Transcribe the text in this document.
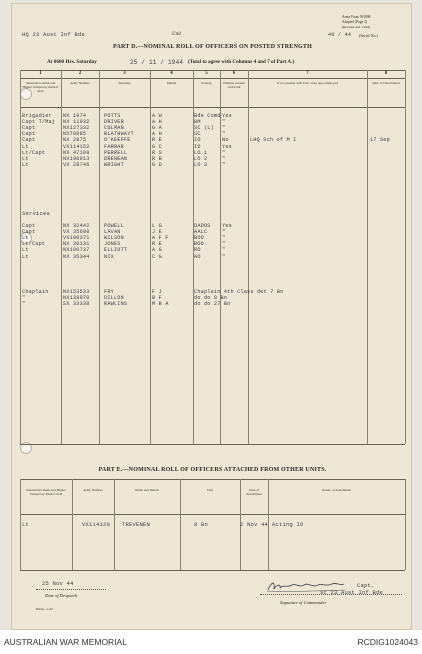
HQ 23 Aust Inf Bde	Unit
Army Form W3008
Adapted (Page 2)
(Revised Aus. 1944)
40 / 44 (Serial No.)
PART D.—NOMINAL ROLL OF OFFICERS ON POSTED STRENGTH
At 0600 Hrs. Saturday	25 / 11 / 1944 (Total to agree with Columns 4 and 7 of Part A.)
PART E.—NOMINAL ROLL OF OFFICERS ATTACHED FROM OTHER UNITS.
25 Nov 44
Date of Despatch
Printer—1/44
Capt,
sc 23 Aust Inf Bde
Signature of Commander
1	2	3	4	5	6	7	8
Substantive Rank and Higher Temporary Rank if held
Army Number	Surname	Initials	Posting	Whether present with Unit
If not present with Unit, state type employed	Date of Detachment
Brigadier NX 1974	POTTS	A W	Bde Comd Yes
Capt T/Maj NX 11032	DRIVER	A H	BM	"
Capt	NX127332	COLMAN	G A	SC (L) "
Capt	NX70085	BLATHWAYT	A H	SC	"
Capt	NX 2875	O'KEEFFE	R E	IO	No	LHQ Sch of M I	17 Sep
Lt	VX114152	FARRAR	G C	IO	Yes
Lt/Capt	NX 47108	PERRELL	R S	LO 1	"
Lt	NX190013	DREHEAN	R B	LO 2	"
Lt	VX 28746	WRIGHT	G D	LO 3	"
Services
Capt	NX 32442	POWELL	L G	DADOS Yes
Capt	VX 35608	LAVAN	J E	AALC	"
Lt	VX100371	WILSON	A F F	BOO	"
Lt/Capt	NX 30131	JONES	R E	BOO	"
Lt	NX100737	ELLIOTT	A G	RO	"
Lt	NX 35344	NIX	C G	AO	"
Chaplain	NX153533	FRY	F J	Chaplain 4th Class det 7 Bn
"	NX139070	DILLON	B F	do do 8 Bn
"	SX 33338	RAWLINS	M B A	do do 27 Bn
Substantive Rank and Higher Temporary Rank if held
Army Number	Name and Initials	Unit	Date of Attachment
Nature of Attachment
Lt	VX114120 TREVENEN	8 Bn	2 Nov 44 Acting IO
AUSTRALIAN WAR MEMORIAL	RCDIG1024043
